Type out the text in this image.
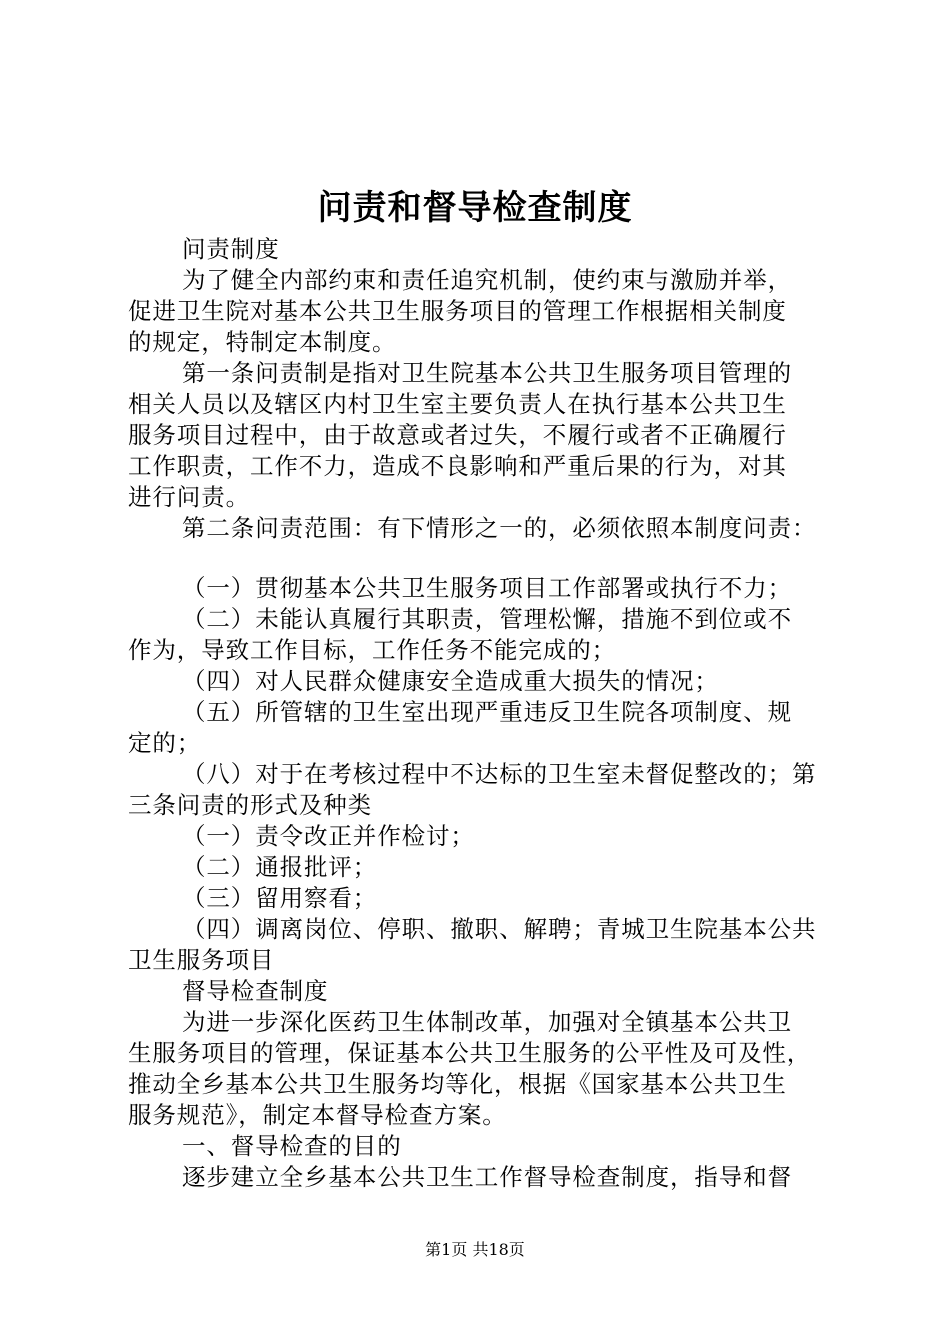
问责和督导检查制度
问责制度
为了健全内部约束和责任追究机制，使约束与激励并举，
促进卫生院对基本公共卫生服务项目的管理工作根据相关制度
的规定，特制定本制度。
第一条问责制是指对卫生院基本公共卫生服务项目管理的
相关人员以及辖区内村卫生室主要负责人在执行基本公共卫生
服务项目过程中，由于故意或者过失，不履行或者不正确履行
工作职责，工作不力，造成不良影响和严重后果的行为，对其
进行问责。
第二条问责范围：有下情形之一的，必须依照本制度问责：
（一）贯彻基本公共卫生服务项目工作部署或执行不力；
（二）未能认真履行其职责，管理松懈，措施不到位或不
作为，导致工作目标，工作任务不能完成的；
（四）对人民群众健康安全造成重大损失的情况；
（五）所管辖的卫生室出现严重违反卫生院各项制度、规
定的；
（八）对于在考核过程中不达标的卫生室未督促整改的；第
三条问责的形式及种类
（一）责令改正并作检讨；
（二）通报批评；
（三）留用察看；
（四）调离岗位、停职、撤职、解聘；青城卫生院基本公共
卫生服务项目
督导检查制度
为进一步深化医药卫生体制改革，加强对全镇基本公共卫
生服务项目的管理，保证基本公共卫生服务的公平性及可及性，
推动全乡基本公共卫生服务均等化，根据《国家基本公共卫生
服务规范》，制定本督导检查方案。
一、督导检查的目的
逐步建立全乡基本公共卫生工作督导检查制度，指导和督
第1页 共18页
